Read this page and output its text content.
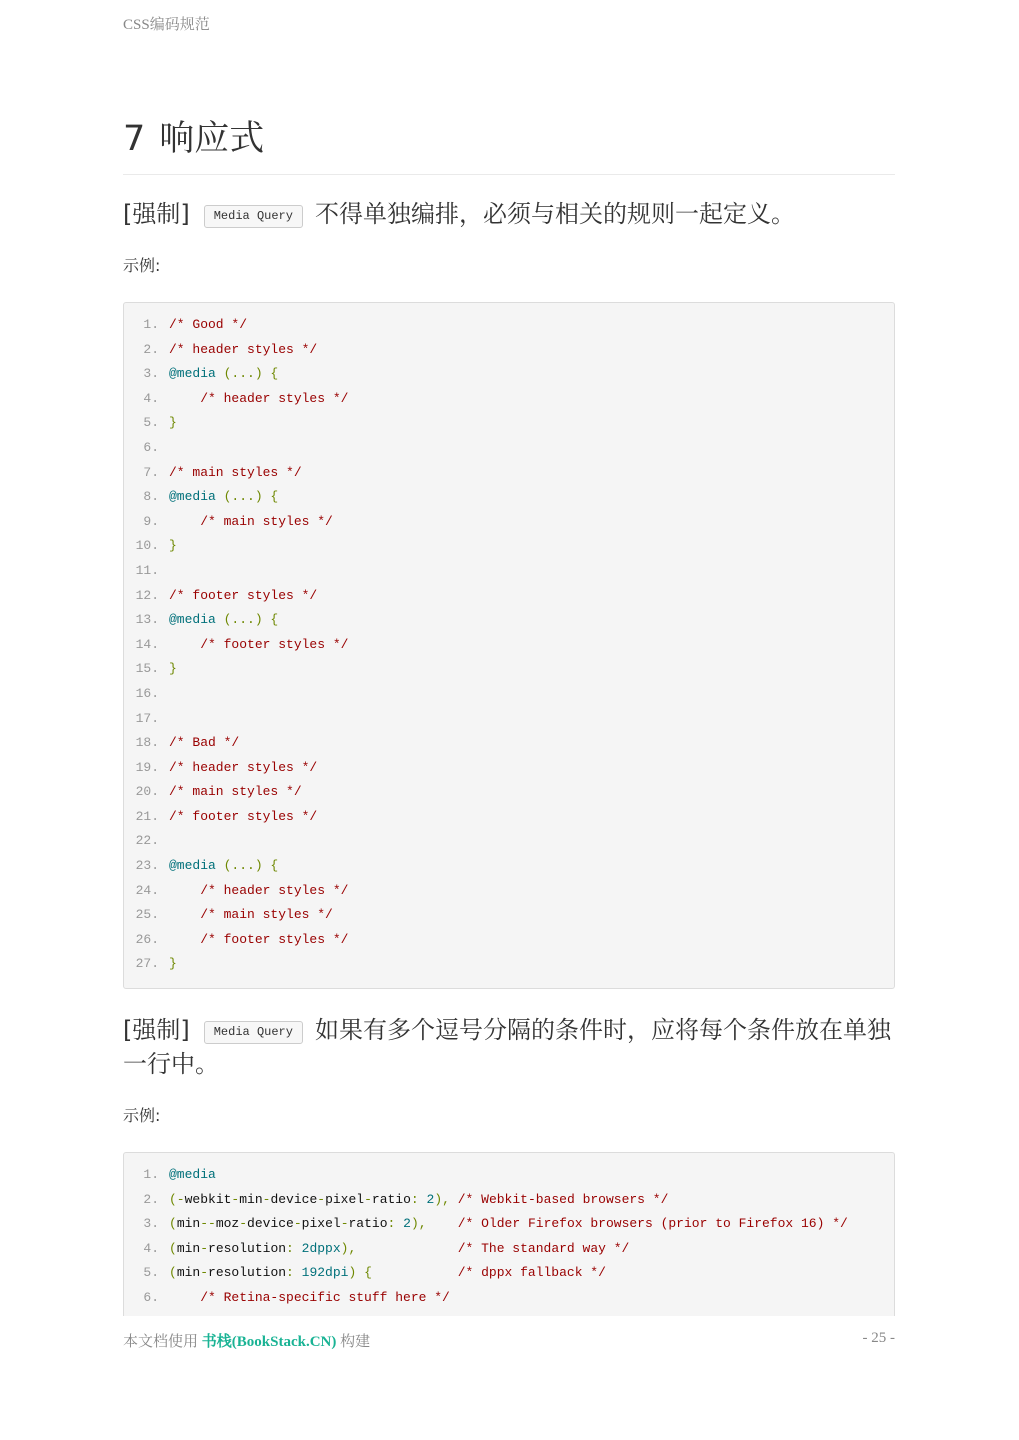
CSS编码规范
7 响应式
[强制] Media Query 不得单独编排，必须与相关的规则一起定义。
示例:
1. /* Good */
2. /* header styles */
3. @media (...) {
4.	/* header styles */
5. }
6.
7. /* main styles */
8. @media (...) {
9.	/* main styles */
10. }
11.
12. /* footer styles */
13. @media (...) {
14.	/* footer styles */
15. }
16.
17.
18. /* Bad */
19. /* header styles */
20. /* main styles */
21. /* footer styles */
22.
23. @media (...) {
24.	/* header styles */
25.	/* main styles */
26.	/* footer styles */
27. }
[强制] Media Query 如果有多个逗号分隔的条件时，应将每个条件放在单独一行中。
示例:
1. @media
2. (-webkit-min-device-pixel-ratio: 2), /* Webkit-based browsers */
3. (min--moz-device-pixel-ratio: 2),    /* Older Firefox browsers (prior to Firefox 16) */
4. (min-resolution: 2dppx),             /* The standard way */
5. (min-resolution: 192dpi) {           /* dppx fallback */
6.	/* Retina-specific stuff here */
本文档使用 书栈(BookStack.CN) 构建	- 25 -
